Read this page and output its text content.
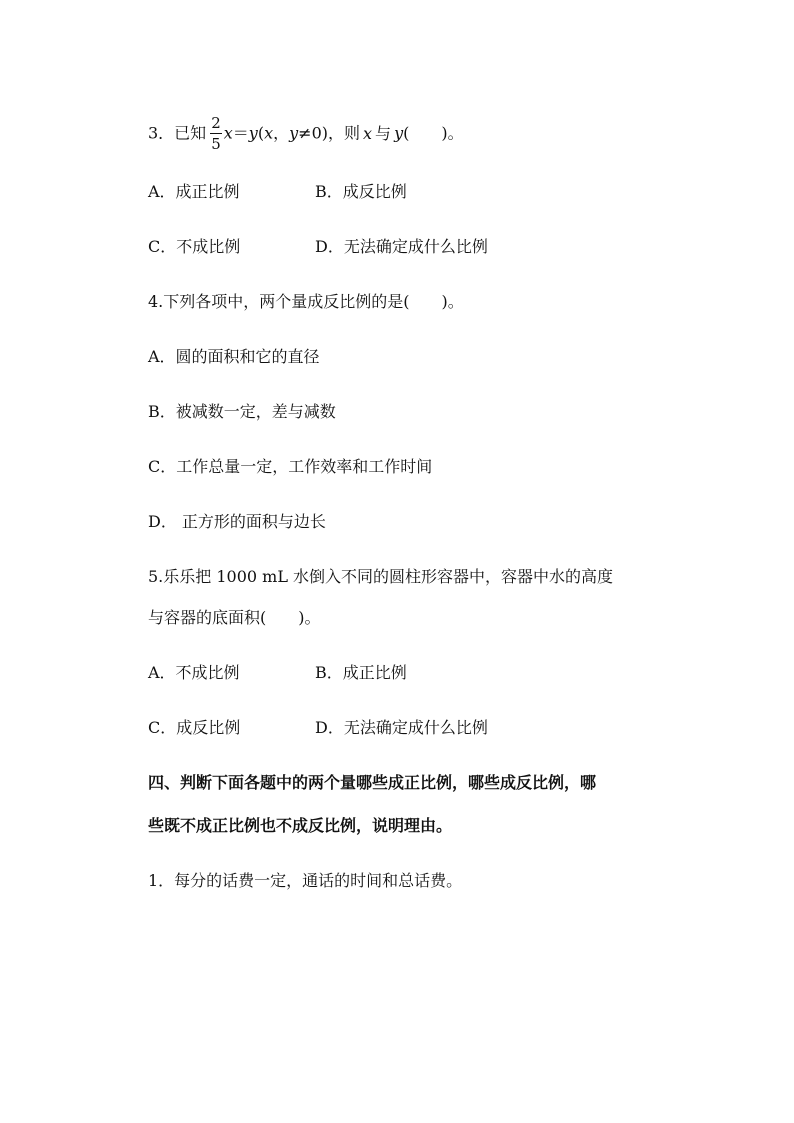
3．已知 $\frac{2}{5} x=y(x$，y≠0)，则 x 与 y(　　)。
A．成正比例	B．成反比例
C．不成比例	D．无法确定成什么比例
4.下列各项中，两个量成反比例的是(　　)。
A．圆的面积和它的直径
B．被减数一定，差与减数
C．工作总量一定，工作效率和工作时间
D． 正方形的面积与边长
5.乐乐把 1000 mL 水倒入不同的圆柱形容器中，容器中水的高度
与容器的底面积(　　)。
A．不成比例	B．成正比例
C．成反比例	D．无法确定成什么比例
四、判断下面各题中的两个量哪些成正比例，哪些成反比例，哪
些既不成正比例也不成反比例，说明理由。
1．每分的话费一定，通话的时间和总话费。
